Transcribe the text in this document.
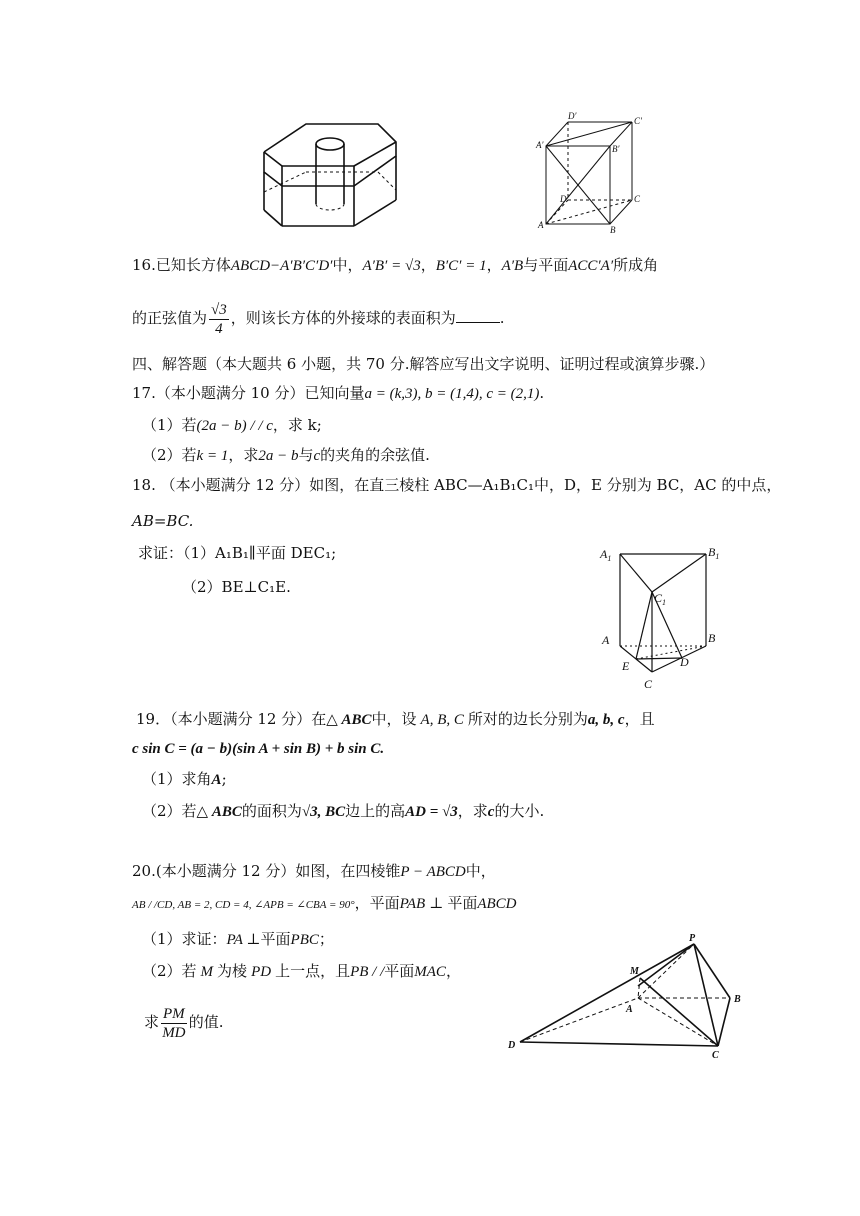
D′	C′
A′	B′
D	C
A	B
16.已知长方体ABCD−A′B′C′D′中，A′B′ = √3，B′C′ = 1，A′B与平面ACC′A′所成角
的正弦值为 $\frac{√3}{4}$ ，则该长方体的外接球的表面积为	.
四、解答题（本大题共 6 小题，共 70 分.解答应写出文字说明、证明过程或演算步骤.）
17.（本小题满分 10 分）已知向量a = (k,3), b = (1,4), c = (2,1).
（1）若(2a − b) / / c，求 k;
（2）若k = 1，求2a − b与c的夹角的余弦值.
18. （本小题满分 12 分）如图，在直三棱柱 ABC—A₁B₁C₁中，D，E 分别为 BC，AC 的中点，
AB=BC.
求证：（1）A₁B₁∥平面 DEC₁;
（2）BE⊥C₁E.
$A_1$	$B_1$
$C_1$
A	B
D
E
C
19．（本小题满分 12 分）在△ ABC中，设 A, B, C 所对的边长分别为a, b, c，且
c sin C = (a − b)(sin A + sin B) + b sin C.
（1）求角A;
（2）若△ ABC的面积为√3, BC边上的高AD = √3，求c的大小.
20.(本小题满分 12 分）如图，在四棱锥P − ABCD中，
AB / /CD, AB = 2, CD = 4, ∠APB = ∠CBA = 90°，平面PAB ⊥ 平面ABCD
（1）求证：PA ⊥平面PBC；
（2）若 M 为棱 PD 上一点，且PB / /平面MAC，
求 $\frac{PM}{MD}$ 的值.
P
M
A
B
C
D
